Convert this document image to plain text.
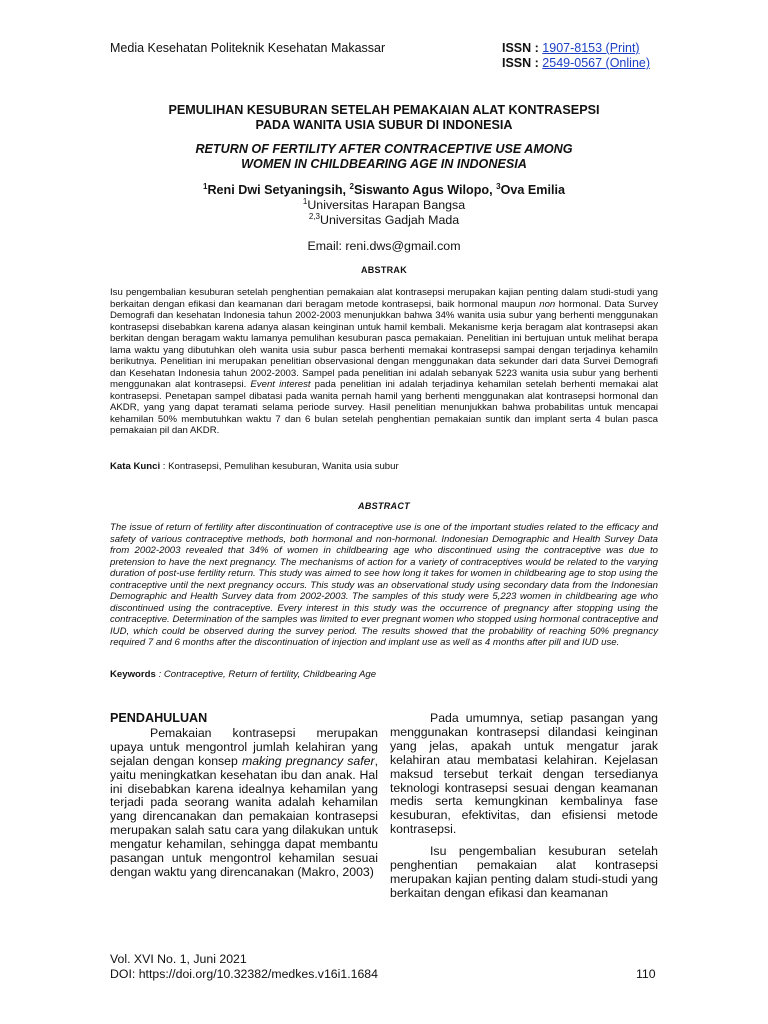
Media Kesehatan Politeknik Kesehatan Makassar	ISSN : 1907-8153 (Print)
ISSN : 2549-0567 (Online)
PEMULIHAN KESUBURAN SETELAH PEMAKAIAN ALAT KONTRASEPSI
PADA WANITA USIA SUBUR DI INDONESIA
RETURN OF FERTILITY AFTER CONTRACEPTIVE USE AMONG
WOMEN IN CHILDBEARING AGE IN INDONESIA
$^1$Reni Dwi Setyaningsih, $^2$Siswanto Agus Wilopo, $^3$Ova Emilia
$^1$Universitas Harapan Bangsa
$^{2,3}$Universitas Gadjah Mada
Email: reni.dws@gmail.com
ABSTRAK
Isu pengembalian kesuburan setelah penghentian pemakaian alat kontrasepsi merupakan kajian penting dalam studi-studi yang berkaitan dengan efikasi dan keamanan dari beragam metode kontrasepsi, baik hormonal maupun non hormonal. Data Survey Demografi dan kesehatan Indonesia tahun 2002-2003 menunjukkan bahwa 34% wanita usia subur yang berhenti menggunakan kontrasepsi disebabkan karena adanya alasan keinginan untuk hamil kembali. Mekanisme kerja beragam alat kontrasepsi akan berkitan dengan beragam waktu lamanya pemulihan kesuburan pasca pemakaian. Penelitian ini bertujuan untuk melihat berapa lama waktu yang dibutuhkan oleh wanita usia subur pasca berhenti memakai kontrasepsi sampai dengan terjadinya kehamiln berikutnya. Penelitian ini merupakan penelitian observasional dengan menggunakan data sekunder dari data Survei Demografi dan Kesehatan Indonesia tahun 2002-2003. Sampel pada penelitian ini adalah sebanyak 5223 wanita usia subur yang berhenti menggunakan alat kontrasepsi. Event interest pada penelitian ini adalah terjadinya kehamilan setelah berhenti memakai alat kontrasepsi. Penetapan sampel dibatasi pada wanita pernah hamil yang berhenti menggunakan alat kontrasepsi hormonal dan AKDR, yang yang dapat teramati selama periode survey. Hasil penelitian menunjukkan bahwa probabilitas untuk mencapai kehamilan 50% membutuhkan waktu 7 dan 6 bulan setelah penghentian pemakaian suntik dan implant serta 4 bulan pasca pemakaian pil dan AKDR.
Kata Kunci : Kontrasepsi, Pemulihan kesuburan, Wanita usia subur
ABSTRACT
The issue of return of fertility after discontinuation of contraceptive use is one of the important studies related to the efficacy and safety of various contraceptive methods, both hormonal and non-hormonal. Indonesian Demographic and Health Survey Data from 2002-2003 revealed that 34% of women in childbearing age who discontinued using the contraceptive was due to pretension to have the next pregnancy. The mechanisms of action for a variety of contraceptives would be related to the varying duration of post-use fertility return. This study was aimed to see how long it takes for women in childbearing age to stop using the contraceptive until the next pregnancy occurs. This study was an observational study using secondary data from the Indonesian Demographic and Health Survey data from 2002-2003. The samples of this study were 5,223 women in childbearing age who discontinued using the contraceptive. Every interest in this study was the occurrence of pregnancy after stopping using the contraceptive. Determination of the samples was limited to ever pregnant women who stopped using hormonal contraceptive and IUD, which could be observed during the survey period. The results showed that the probability of reaching 50% pregnancy required 7 and 6 months after the discontinuation of injection and implant use as well as 4 months after pill and IUD use.
Keywords : Contraceptive, Return of fertility, Childbearing Age

PENDAHULUAN

Pemakaian kontrasepsi merupakan upaya untuk mengontrol jumlah kelahiran yang sejalan dengan konsep making pregnancy safer, yaitu meningkatkan kesehatan ibu dan anak. Hal ini disebabkan karena idealnya kehamilan yang terjadi pada seorang wanita adalah kehamilan yang direncanakan dan pemakaian kontrasepsi merupakan salah satu cara yang dilakukan untuk mengatur kehamilan, sehingga dapat membantu pasangan untuk mengontrol kehamilan sesuai dengan waktu yang direncanakan (Makro, 2003)

Pada umumnya, setiap pasangan yang menggunakan kontrasepsi dilandasi keinginan yang jelas, apakah untuk mengatur jarak kelahiran atau membatasi kelahiran. Kejelasan maksud tersebut terkait dengan tersedianya teknologi kontrasepsi sesuai dengan keamanan medis serta kemungkinan kembalinya fase kesuburan, efektivitas, dan efisiensi metode kontrasepsi.

Isu pengembalian kesuburan setelah penghentian pemakaian alat kontrasepsi merupakan kajian penting dalam studi-studi yang berkaitan dengan efikasi dan keamanan

Vol. XVI No. 1, Juni 2021
DOI: https://doi.org/10.32382/medkes.v16i1.1684	110
